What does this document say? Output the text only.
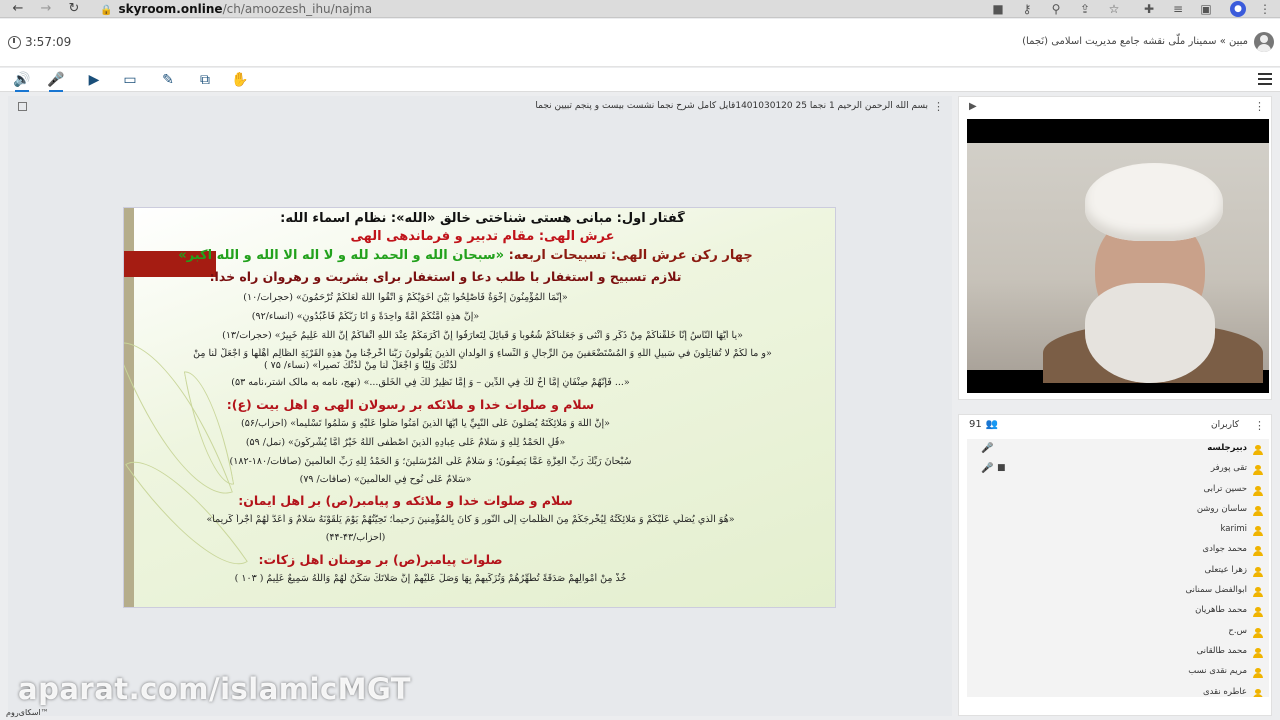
← → ↻ 🔒 skyroom.online/ch/amoozesh_ihu/najma	■ ⚷	⚲	⇪ ☆ ✚ ≡ ▣	●	⋮
3:57:09	مبین » سمینار ملّی نقشه جامع مدیریت اسلامی (نَجما)
🔊 🎤	▶	▭ ✎	⧉	✋
بسم الله الرحمن الرحیم 1 نجما 25 1401030120قایل کامل شرح نجما نشست بیست و پنجم تبیین نجما ⋮
گفتار اول: مبانی هستی شناختی خالق «الله»: نظام اسماء الله:
عرش الهی: مقام تدبیر و فرماندهی الهی
چهار رکن عرش الهی: تسبیحات اربعه: «سبحان الله و الحمد لله و لا اله الا الله و الله اکبر»
تلازم تسبیح و استغفار با طلب دعا و استغفار برای بشریت و رهروان راه خدا:
«إِنَّمَا الْمُؤْمِنُونَ إِخْوَةٌ فَأَصْلِحُوا بَيْنَ أَخَوَيْكُمْ وَ اتَّقُوا اللَّهَ لَعَلَّكُمْ تُرْحَمُونَ» (حجرات/۱۰)
«إِنَّ هذِهِ أُمَّتُكُمْ أُمَّةً واحِدَةً وَ أَنَا رَبُّكُمْ فَاعْبُدُونِ» (انساء/۹۲)
«يا أَيُّهَا النَّاسُ إِنَّا خَلَقْناكُمْ مِنْ ذَكَرٍ وَ أُنْثى وَ جَعَلْناكُمْ شُعُوباً وَ قَبائِلَ لِتَعارَفُوا إِنَّ أَكْرَمَكُمْ عِنْدَ اللَّهِ أَتْقاكُمْ إِنَّ اللَّهَ عَلِيمٌ خَبِيرٌ» (حجرات/۱۳)
«و ما لَكُمْ لا تُقاتِلُونَ في سَبيلِ اللَّهِ وَ الْمُسْتَضْعَفينَ مِنَ الرِّجالِ وَ النِّساءِ وَ الْوِلْدانِ الَّذينَ يَقُولُونَ رَبَّنا أَخْرِجْنا مِنْ هذِهِ الْقَرْيَةِ الظَّالِمِ أَهْلُها وَ اجْعَلْ لَنا مِنْ
لَدُنْكَ وَلِيًّا وَ اجْعَلْ لَنا مِنْ لَدُنْكَ نَصيراً» (نساء/ ۷۵ )
«... فَإِنَّهُمْ صِنْفَانِ إِمَّا أَخٌ لَكَ فِي الدِّينِ – وَ إِمَّا نَظِيرٌ لَكَ فِي الْخَلْقِ...» (نهج، نامه به مالک اشتر،نامه ۵۳)
سلام و صلوات خدا و ملائکه بر رسولان الهی و اهل بیت (ع):
«إِنَّ اللَّهَ وَ مَلائِكَتَهُ يُصَلُّونَ عَلَى النَّبِيِّ يا أَيُّهَا الَّذينَ آمَنُوا صَلُّوا عَلَيْهِ وَ سَلِّمُوا تَسْليماً» (احزاب/۵۶)
«قُلِ الْحَمْدُ لِلَّهِ وَ سَلامٌ عَلى عِبادِهِ الَّذينَ اصْطَفى آللَّهُ خَيْرٌ أَمَّا يُشْرِكُونَ» (نمل/ ۵۹)
سُبْحانَ رَبِّكَ رَبِّ الْعِزَّةِ عَمَّا يَصِفُونَ؛ وَ سَلامٌ عَلَى الْمُرْسَلينَ؛ وَ الْحَمْدُ لِلَّهِ رَبِّ الْعالَمينَ (صافات/۱۸۰-۱۸۲)
«سَلامٌ عَلى نُوحٍ فِي الْعالَمينَ» (صافات/ ۷۹)
سلام و صلوات خدا و ملائکه و پیامبر(ص) بر اهل ایمان:
«هُوَ الَّذي يُصَلِّي عَلَيْكُمْ وَ مَلائِكَتُهُ لِيُخْرِجَكُمْ مِنَ الظُّلُماتِ إِلَى النُّورِ وَ كانَ بِالْمُؤْمِنينَ رَحيماً؛ تَحِيَّتُهُمْ يَوْمَ يَلْقَوْنَهُ سَلامٌ وَ أَعَدَّ لَهُمْ أَجْراً كَريماً»
(احزاب/۴۳-۴۴)
صلوات پیامبر(ص) بر مومنان اهل زکات:
خُذْ مِنْ أَمْوالِهِمْ صَدَقَةً تُطَهِّرُهُمْ وَتُزَكِّيهِمْ بِهَا وَصَلِّ عَلَيْهِمْ إِنَّ صَلاتَكَ سَكَنٌ لَهُمْ وَاللَّهُ سَمِيعٌ عَلِيمٌ ( ۱۰۳ )
▶	⋮
کاربران ⋮
👥
91
دبیرجلسه
🎤
تقی پورفر
🎤 ■
حسین ترابی
ساسان روشن
karimi
محمد جوادی
زهرا عیتعلی
ابوالفضل سمنانی
محمد طاهریان
س.ح
محمد طالقانی
مریم نقدی نسب
عاطره نقدی
aparat.com/islamicMGT
اسکای‌روم™
